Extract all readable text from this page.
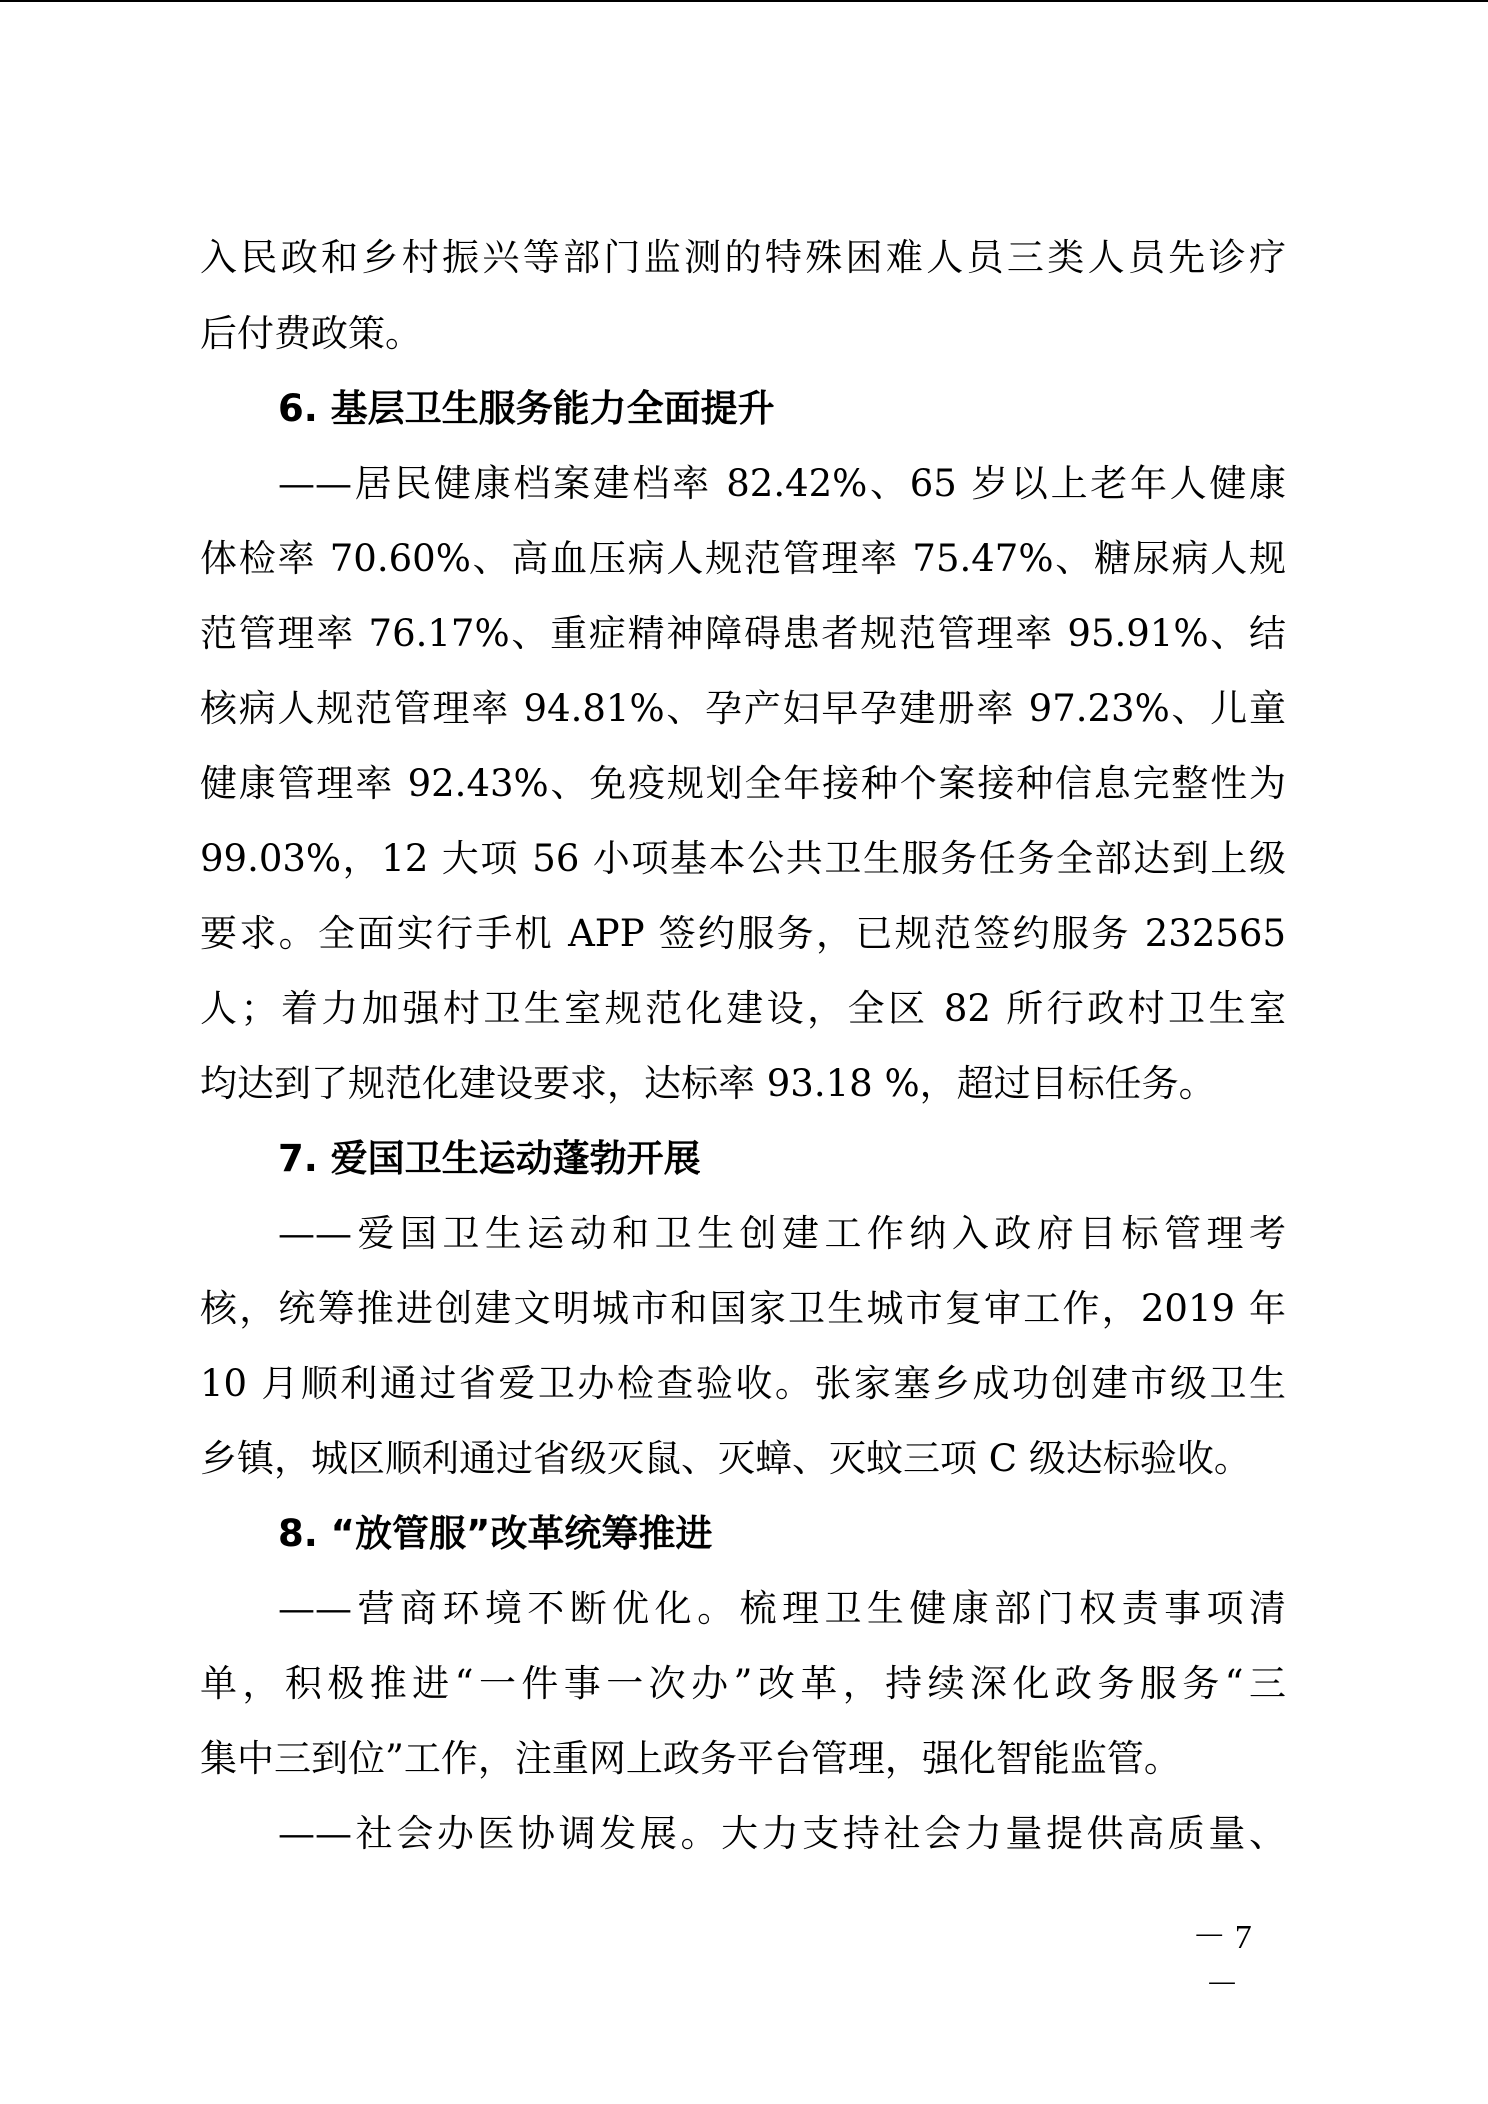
入民政和乡村振兴等部门监测的特殊困难人员三类人员先诊疗
后付费政策。
6. 基层卫生服务能力全面提升
——居民健康档案建档率 82.42%、65 岁以上老年人健康
体检率 70.60%、高血压病人规范管理率 75.47%、糖尿病人规
范管理率 76.17%、重症精神障碍患者规范管理率 95.91%、结
核病人规范管理率 94.81%、孕产妇早孕建册率 97.23%、儿童
健康管理率 92.43%、免疫规划全年接种个案接种信息完整性为
99.03%，12 大项 56 小项基本公共卫生服务任务全部达到上级
要求。全面实行手机 APP 签约服务，已规范签约服务 232565
人；着力加强村卫生室规范化建设，全区 82 所行政村卫生室
均达到了规范化建设要求，达标率 93.18 %，超过目标任务。
7. 爱国卫生运动蓬勃开展
——爱国卫生运动和卫生创建工作纳入政府目标管理考
核，统筹推进创建文明城市和国家卫生城市复审工作，2019 年
10 月顺利通过省爱卫办检查验收。张家塞乡成功创建市级卫生
乡镇，城区顺利通过省级灭鼠、灭蟑、灭蚊三项 C 级达标验收。
8. “放管服”改革统筹推进
——营商环境不断优化。梳理卫生健康部门权责事项清
单，积极推进“一件事一次办”改革，持续深化政务服务“三
集中三到位”工作，注重网上政务平台管理，强化智能监管。
——社会办医协调发展。大力支持社会力量提供高质量、
－ 7 －
